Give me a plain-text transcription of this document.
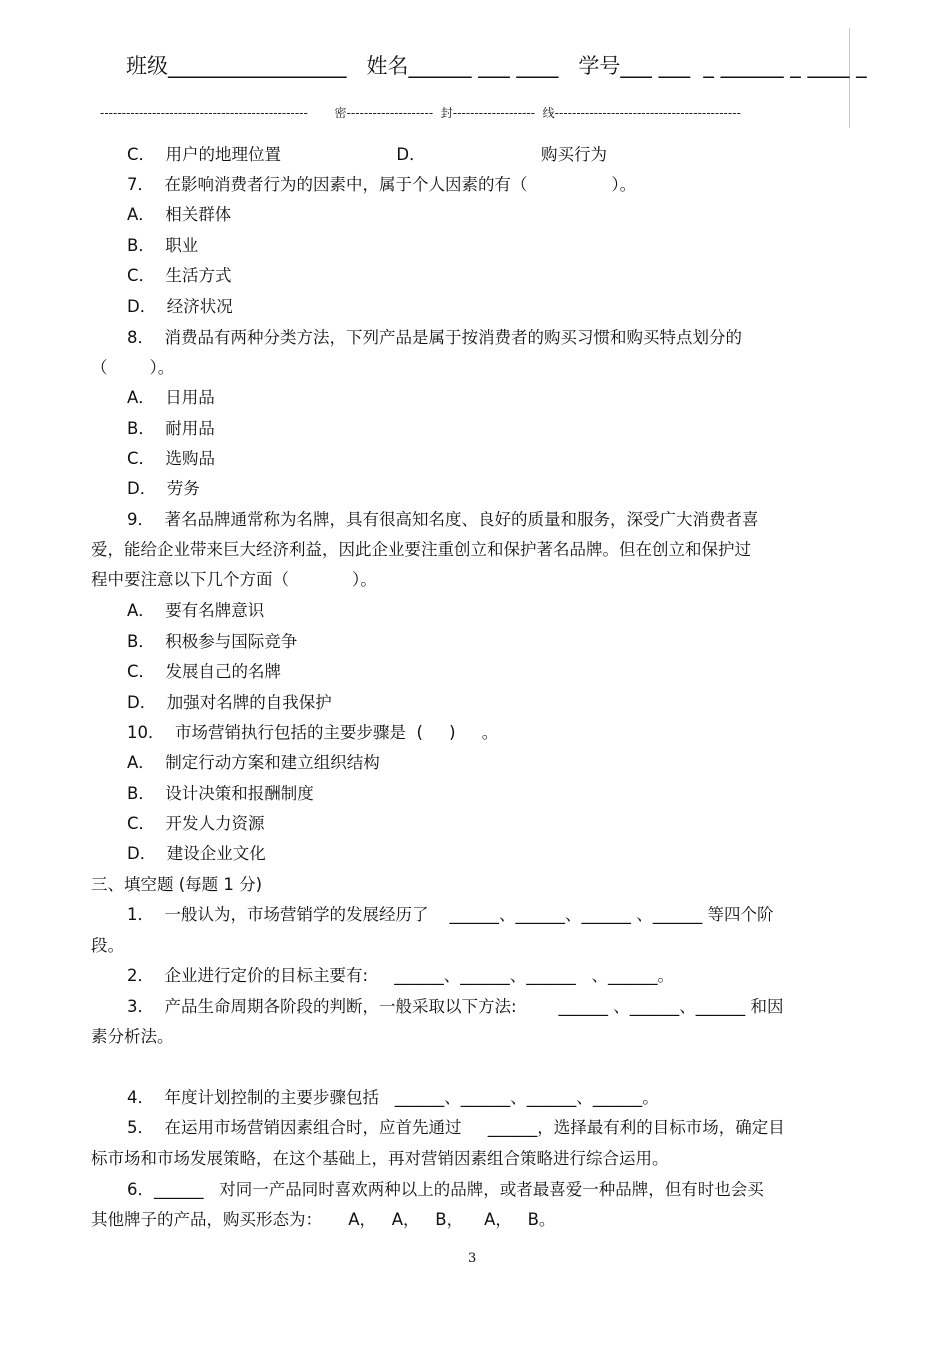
班级_________________   姓名______ ___ ____   学号___ ___  _ ______ _ ____ _
------------------------------------------------       密--------------------  封-------------------  线-------------------------------------------
C．  用户的地理位置                      D．                      购买行为
7．  在影响消费者行为的因素中，属于个人因素的有（                ）。
A．  相关群体
B．  职业
C．  生活方式
D．  经济状况
8．  消费品有两种分类方法，下列产品是属于按消费者的购买习惯和购买特点划分的
（        ）。
A．  日用品
B．  耐用品
C．  选购品
D．  劳务
9．  著名品牌通常称为名牌，具有很高知名度、良好的质量和服务，深受广大消费者喜
爱，能给企业带来巨大经济利益，因此企业要注重创立和保护著名品牌。但在创立和保护过
程中要注意以下几个方面（            ）。
A．  要有名牌意识
B．  积极参与国际竞争
C．  发展自己的名牌
D．  加强对名牌的自我保护
10．  市场营销执行包括的主要步骤是  (     )     。
A．  制定行动方案和建立组织结构
B．  设计决策和报酬制度
C．  开发人力资源
D．  建设企业文化
三、填空题 (每题 1 分)
1．  一般认为，市场营销学的发展经历了    ______、______、______ 、______ 等四个阶
段。
2．  企业进行定价的目标主要有:     ______、______、______   、______。
3．  产品生命周期各阶段的判断，一般采取以下方法:        ______ 、______、______ 和因
素分析法。
4．  年度计划控制的主要步骤包括   ______、______、______、______。
5．  在运用市场营销因素组合时，应首先通过     ______，选择最有利的目标市场，确定目
标市场和市场发展策略，在这个基础上，再对营销因素组合策略进行综合运用。
6．______   对同一产品同时喜欢两种以上的品牌，或者最喜爱一种品牌，但有时也会买
其他牌子的产品，购买形态为：     A，   A，   B，    A，   B。
3
